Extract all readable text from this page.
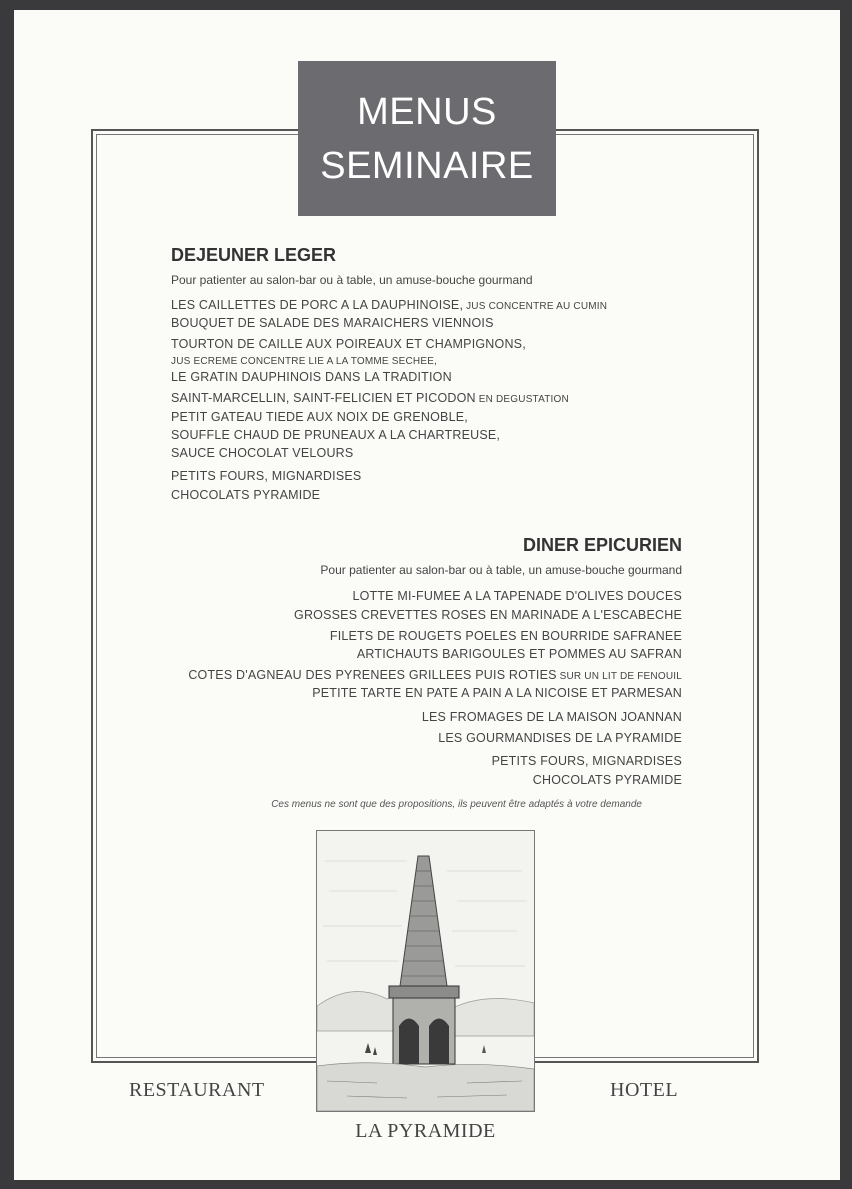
MENUS
SEMINAIRE
DEJEUNER LEGER
Pour patienter au salon-bar ou à table, un amuse-bouche gourmand
LES CAILLETTES DE PORC A LA DAUPHINOISE, JUS CONCENTRE AU CUMIN
BOUQUET DE SALADE DES MARAICHERS VIENNOIS
TOURTON DE CAILLE AUX POIREAUX ET CHAMPIGNONS,
JUS ECREME CONCENTRE LIE A LA TOMME SECHEE,
LE GRATIN DAUPHINOIS DANS LA TRADITION
SAINT-MARCELLIN, SAINT-FELICIEN ET PICODON EN DEGUSTATION
PETIT GATEAU TIEDE AUX NOIX DE GRENOBLE,
SOUFFLE CHAUD DE PRUNEAUX A LA CHARTREUSE,
SAUCE CHOCOLAT VELOURS
PETITS FOURS, MIGNARDISES
CHOCOLATS PYRAMIDE
DINER EPICURIEN
Pour patienter au salon-bar ou à table, un amuse-bouche gourmand
LOTTE MI-FUMEE A LA TAPENADE D'OLIVES DOUCES
GROSSES CREVETTES ROSES EN MARINADE A L'ESCABECHE
FILETS DE ROUGETS POELES EN BOURRIDE SAFRANEE
ARTICHAUTS BARIGOULES ET POMMES AU SAFRAN
COTES D'AGNEAU DES PYRENEES GRILLEES PUIS ROTIES SUR UN LIT DE FENOUIL
PETITE TARTE EN PATE A PAIN A LA NICOISE ET PARMESAN
LES FROMAGES DE LA MAISON JOANNAN
LES GOURMANDISES DE LA PYRAMIDE
PETITS FOURS, MIGNARDISES
CHOCOLATS PYRAMIDE
Ces menus ne sont que des propositions, ils peuvent être adaptés à votre demande
RESTAURANT	HOTEL
LA PYRAMIDE
